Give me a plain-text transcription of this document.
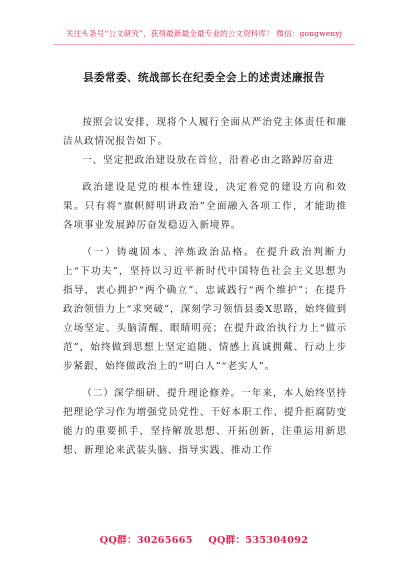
关注头条号“公文研究”，获得最新最全最专业的公文资料库！ 微信：gongwenyj
县委常委、统战部长在纪委全会上的述责述廉报告

按照会议安排，现将个人履行全面从严治党主体责任和廉洁从政情况报告如下。

一、坚定把政治建设放在首位，沿着必由之路踔厉奋进

政治建设是党的根本性建设，决定着党的建设方向和效果。只有将“旗帜鲜明讲政治”全面融入各项工作，才能助推各项事业发展踔厉奋发稳迈入新境界。

（一）铸魂固本、淬炼政治品格。在提升政治判断力上“下功夫”，坚持以习近平新时代中国特色社会主义思想为指导，衷心拥护“两个确立”、忠诚践行“两个维护”；在提升政治领悟力上“求突破”，深刻学习领悟县委X思路，始终做到立场坚定、头脑清醒、眼睛明亮；在提升政治执行力上“做示范”，始终做到思想上坚定追随、情感上真诚拥戴、行动上步步紧跟，始终做政治上的“明白人”“老实人”。

（二）深学细研、提升理论修养。一年来，本人始终坚持把理论学习作为增强党员党性、干好本职工作、提升拒腐防变能力的重要抓手，坚持解放思想、开拓创新，注重运用新思想、新理论来武装头脑、指导实践、推动工作

QQ群：30265665 QQ群：535304092
